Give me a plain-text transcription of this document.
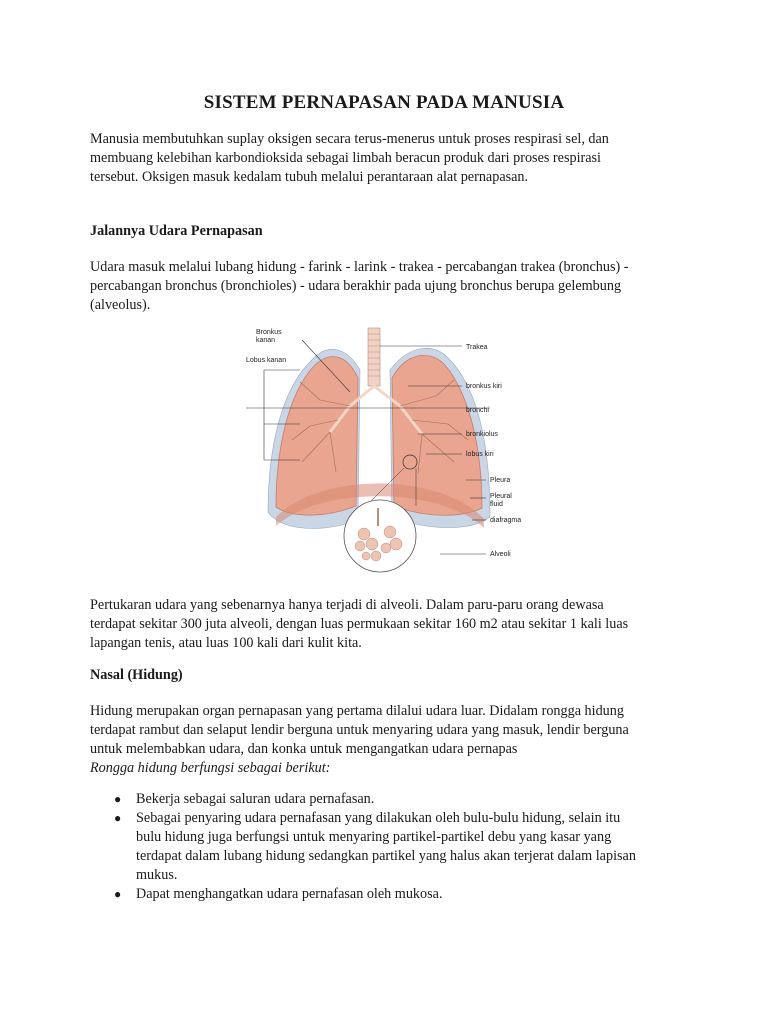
SISTEM PERNAPASAN PADA MANUSIA
Manusia membutuhkan suplay oksigen secara terus-menerus untuk proses respirasi sel, dan
membuang kelebihan karbondioksida sebagai limbah beracun produk dari proses respirasi
tersebut. Oksigen masuk kedalam tubuh melalui perantaraan alat pernapasan.
Jalannya Udara Pernapasan
Udara masuk melalui lubang hidung - farink - larink - trakea - percabangan trakea (bronchus) -
percabangan bronchus (bronchioles) - udara berakhir pada ujung bronchus berupa gelembung
(alveolus).
Bronkus
kanan
Lobus kanan
Trakea
bronkus kiri
bronchi
bronkiolus
lobus kiri
Pleura
Pleural
fluid
diafragma
Alveoli
Pertukaran udara yang sebenarnya hanya terjadi di alveoli. Dalam paru-paru orang dewasa
terdapat sekitar 300 juta alveoli, dengan luas permukaan sekitar 160 m2 atau sekitar 1 kali luas
lapangan tenis, atau luas 100 kali dari kulit kita.
Nasal (Hidung)
Hidung merupakan organ pernapasan yang pertama dilalui udara luar. Didalam rongga hidung
terdapat rambut dan selaput lendir berguna untuk menyaring udara yang masuk, lendir berguna
untuk melembabkan udara, dan konka untuk mengangatkan udara pernapas
Rongga hidung berfungsi sebagai berikut:
● Bekerja sebagai saluran udara pernafasan.
● Sebagai penyaring udara pernafasan yang dilakukan oleh bulu-bulu hidung, selain itu
bulu hidung juga berfungsi untuk menyaring partikel-partikel debu yang kasar yang
terdapat dalam lubang hidung sedangkan partikel yang halus akan terjerat dalam lapisan
mukus.
● Dapat menghangatkan udara pernafasan oleh mukosa.
